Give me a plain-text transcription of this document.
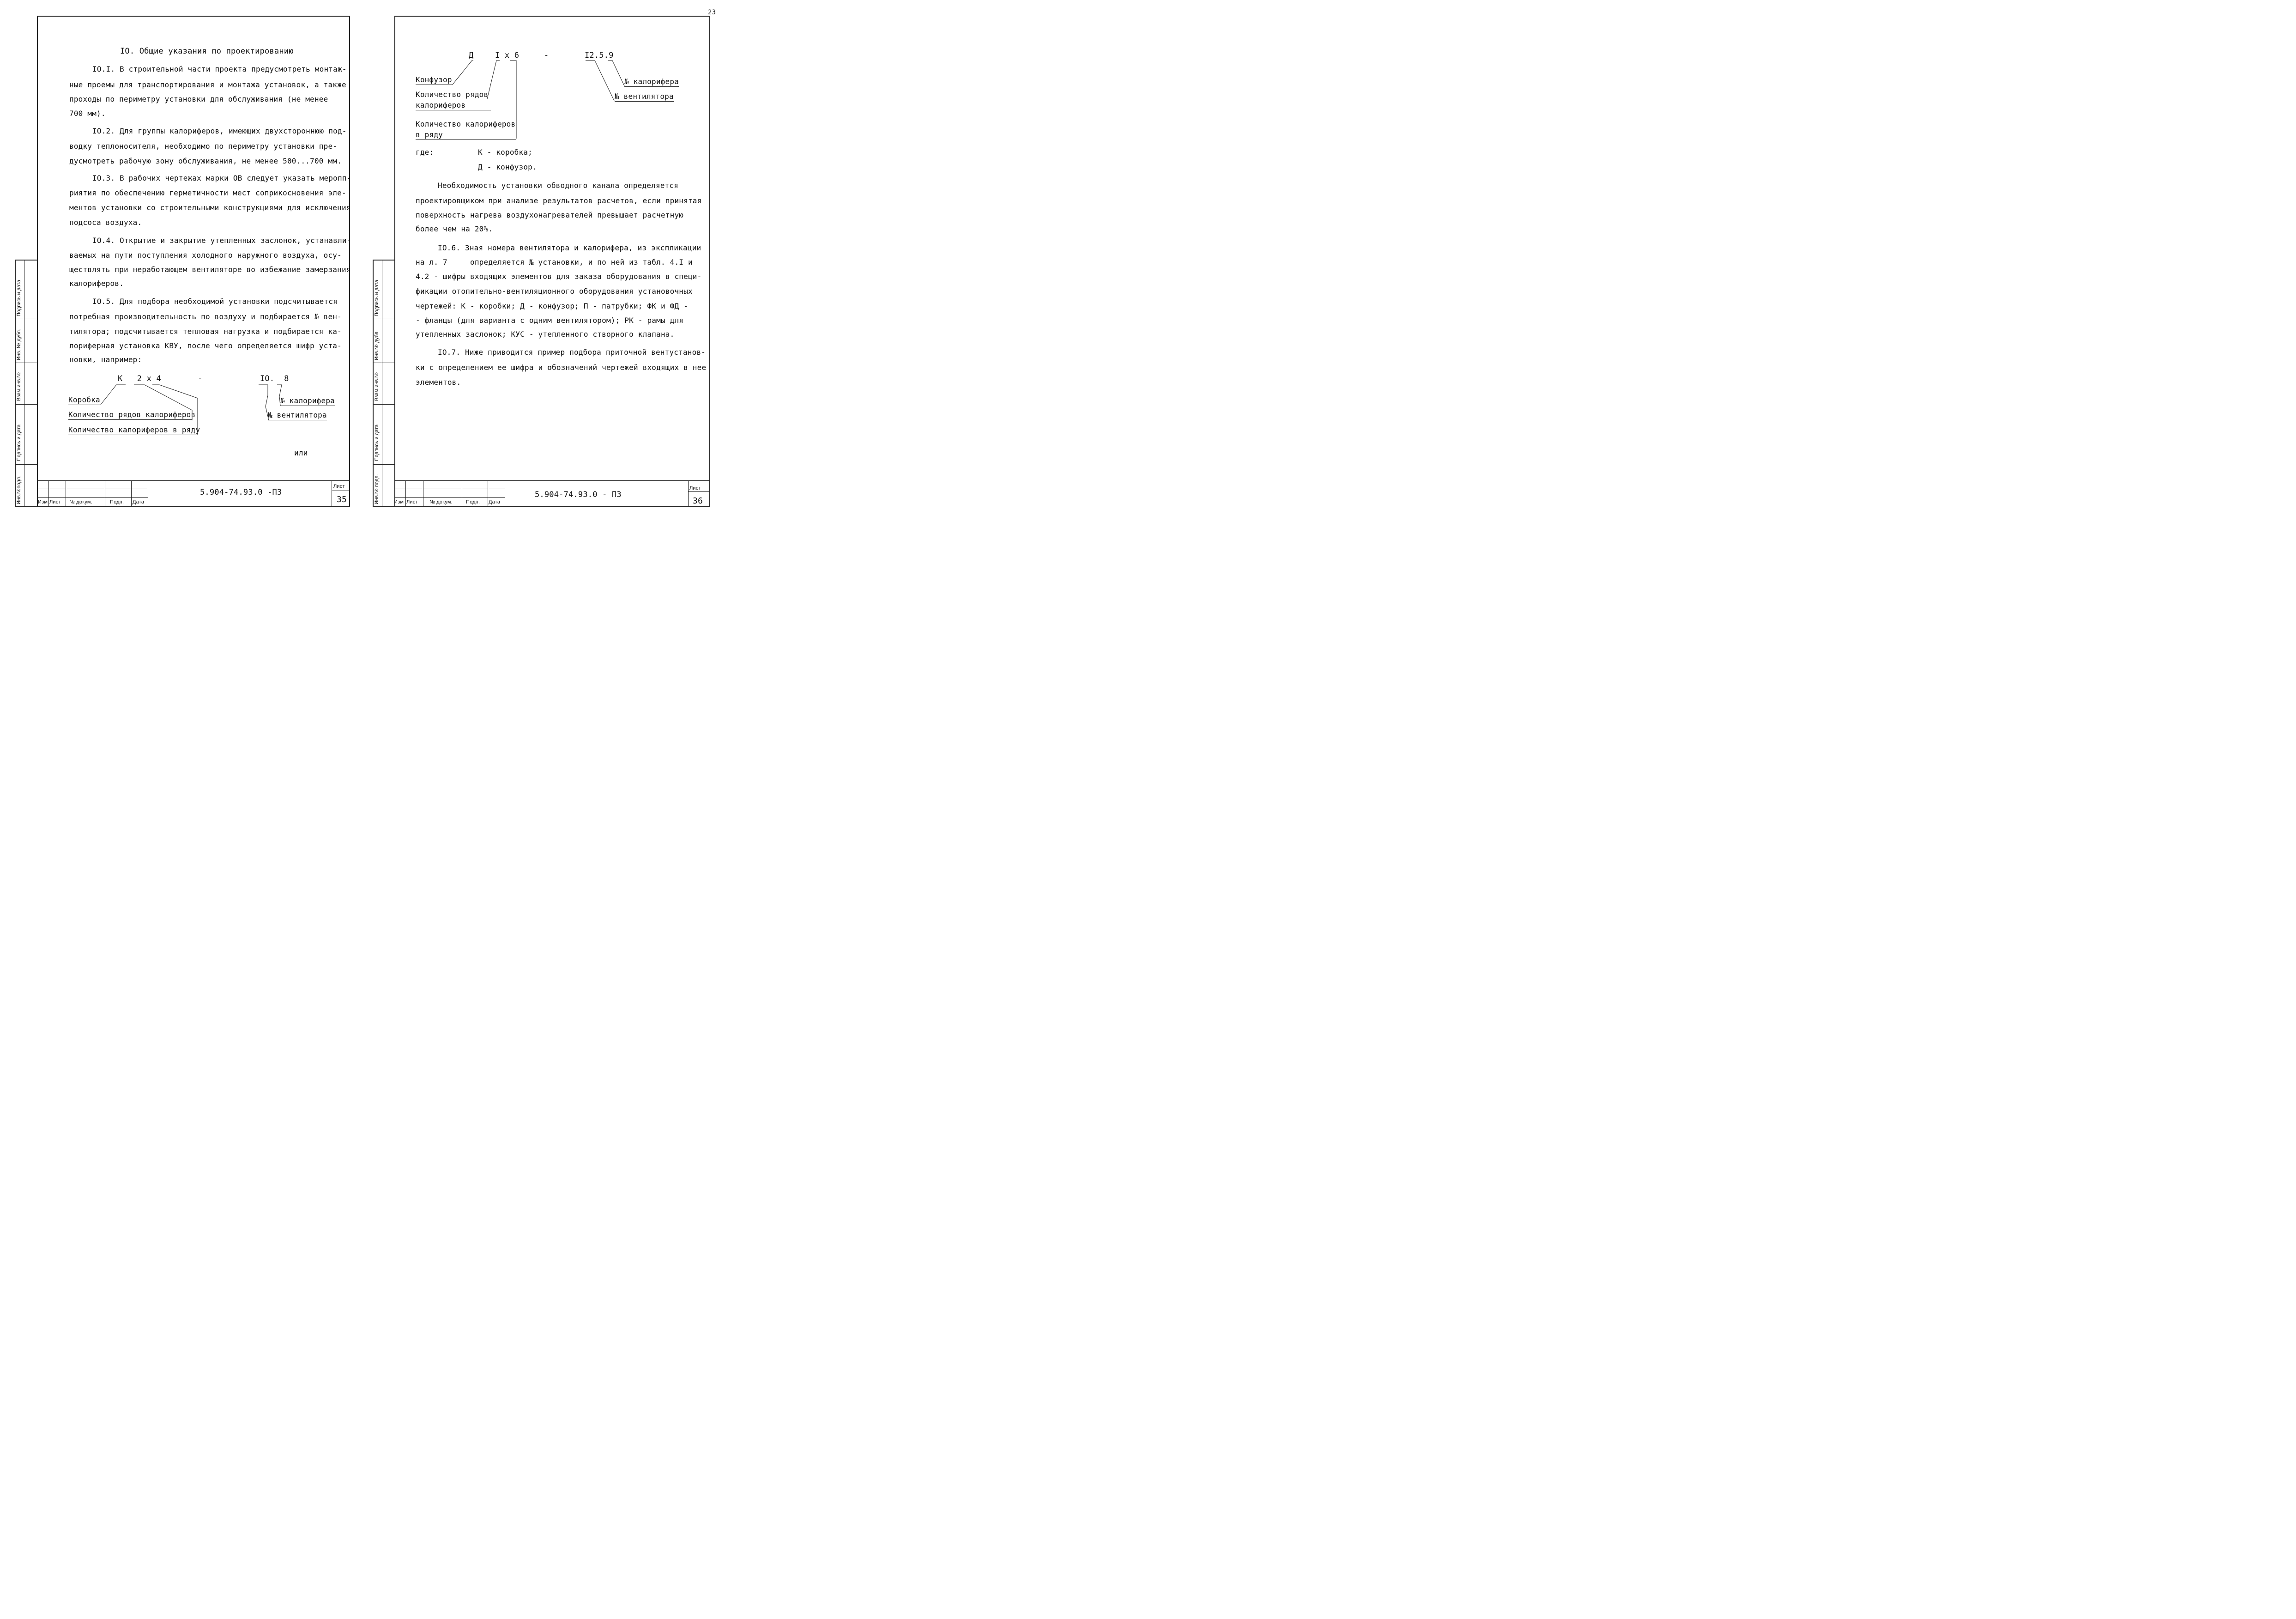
23
Инв.№подл.
Подпись и дата
Взам.инв.№
Инв. № дубл.
Подпись и дата
IO. Общие указания по проектированию
IO.I. В строительной части проекта предусмотреть монтаж-
ные проемы для транспортирования и монтажа установок, а также
проходы по периметру установки для обслуживания (не менее
700 мм).
IO.2. Для группы калориферов, имеющих двухстороннюю под-
водку теплоносителя, необходимо по периметру установки пре-
дусмотреть рабочую зону обслуживания, не менее 500...700 мм.
IO.3. В рабочих чертежах марки ОВ следует указать меропп-
риятия по обеспечению герметичности мест соприкосновения эле-
ментов установки со строительными конструкциями для исключения
подсоса воздуха.
IO.4. Открытие и закрытие утепленных заслонок, устанавли-
ваемых на пути поступления холодного наружного воздуха, осу-
ществлять при неработающем вентиляторе во избежание замерзания
калориферов.
IO.5. Для подбора необходимой установки подсчитывается
потребная производительность по воздуху и подбирается № вен-
тилятора; подсчитывается тепловая нагрузка и подбирается ка-
лориферная установка КВУ, после чего определяется шифр уста-
новки, например:
К   2 х 4	-	IO.  8
Коробка
Количество рядов калориферов
Количество калориферов в ряду
№ калорифера
№ вентилятора
или
Изм Лист № докум.	Подп. Дата
5.904-74.93.0 -ПЗ
Лист
35	Инв.№ подл.
Подпись и дата
Взам.инв.№
Инв.№ дубл.
Подпись и дата
Д	I х 6	-	I2.5.9
Конфузор
Количество рядов
калориферов
Количество калориферов
в ряду
№ калорифера
№ вентилятора
где:	К - коробка;
Д - конфузор.
Необходимость установки обводного канала определяется
проектировщиком при анализе результатов расчетов, если принятая
поверхность нагрева воздухонагревателей превышает расчетную
более чем на 20%.
IO.6. Зная номера вентилятора и калорифера, из экспликации
на л. 7     определяется № установки, и по ней из табл. 4.I и
4.2 - шифры входящих элементов для заказа оборудования в специ-
фикации отопительно-вентиляционного оборудования установочных
чертежей: К - коробки; Д - конфузор; П - патрубки; ФК и ФД -
- фланцы (для варианта с одним вентилятором); РК - рамы для
утепленных заслонок; КУС - утепленного створного клапана.
IO.7. Ниже приводится пример подбора приточной вентустанов-
ки с определением ее шифра и обозначений чертежей входящих в нее
элементов.
Изм Лист № докум.	Подп. Дата
5.904-74.93.0 - ПЗ
Лист
36
